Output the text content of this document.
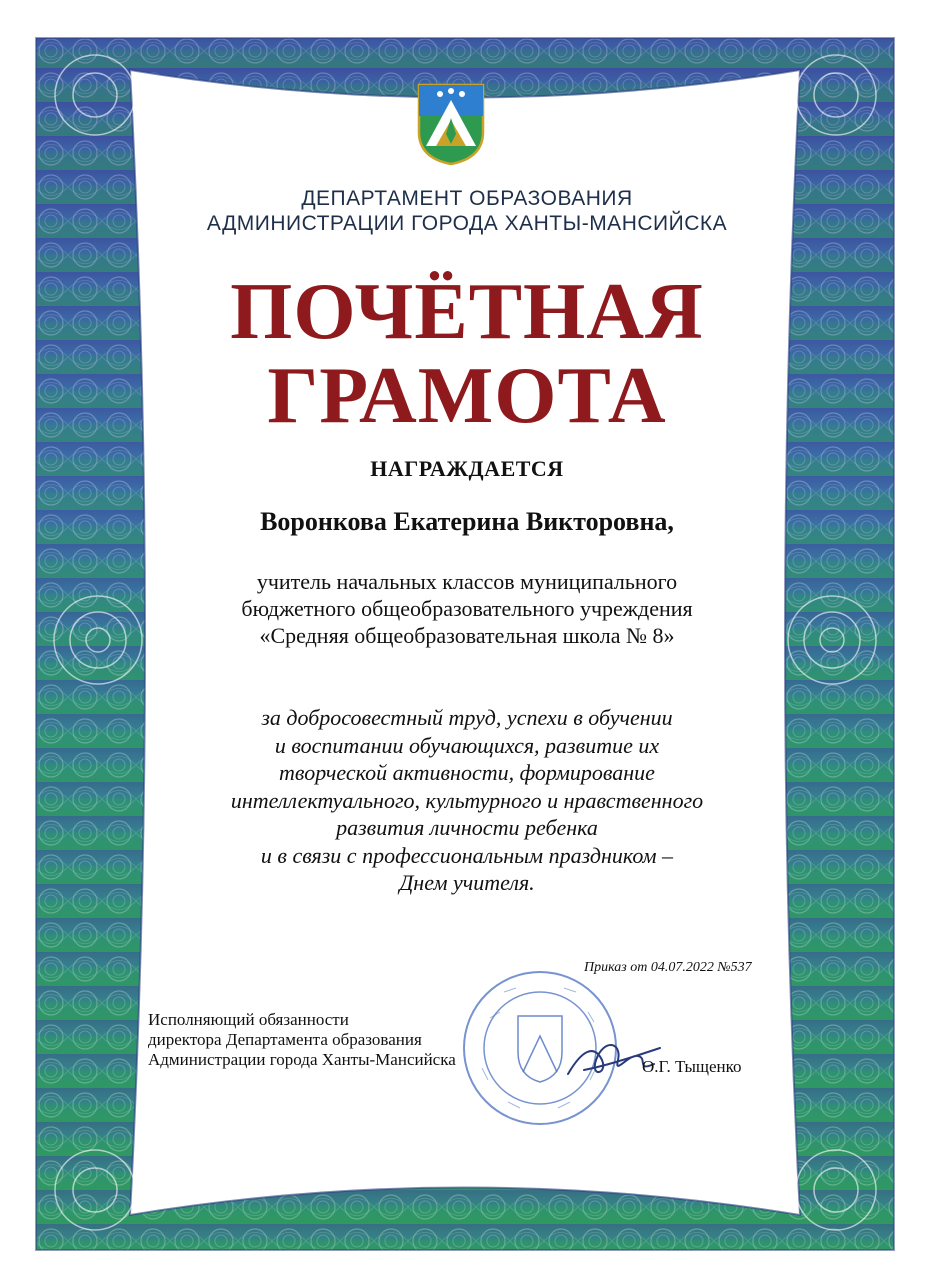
ДЕПАРТАМЕНТ ОБРАЗОВАНИЯ
АДМИНИСТРАЦИИ ГОРОДА ХАНТЫ-МАНСИЙСКА
ПОЧЁТНАЯ
ГРАМОТА
НАГРАЖДАЕТСЯ
Воронкова Екатерина Викторовна,
учитель начальных классов муниципального
бюджетного общеобразовательного учреждения
«Средняя общеобразовательная школа № 8»
за добросовестный труд, успехи в обучении
и воспитании обучающихся, развитие их
творческой активности, формирование
интеллектуального, культурного и нравственного
развития личности ребенка
и в связи с профессиональным праздником –
Днем учителя.
Приказ от 04.07.2022 №537
Исполняющий обязанности
директора Департамента образования
Администрации города Ханты-Мансийска	О.Г. Тыщенко
